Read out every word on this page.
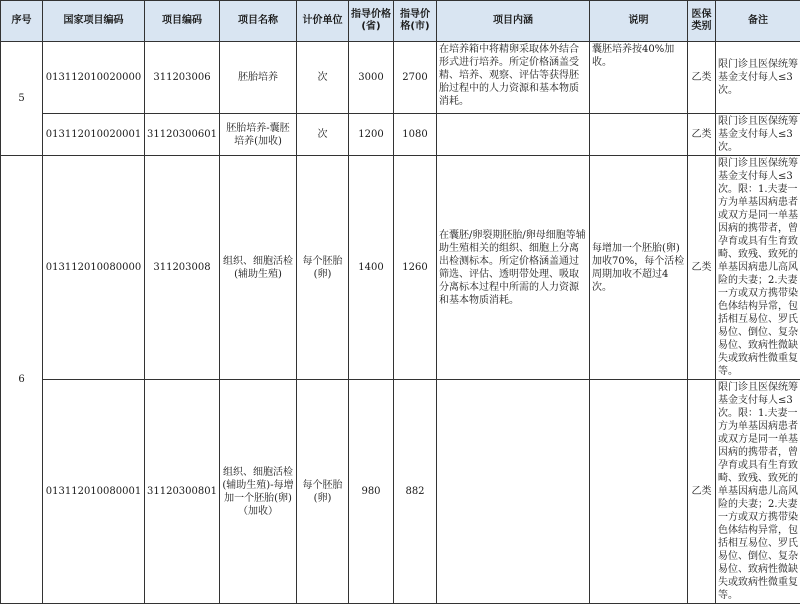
序号	国家项目编码	项目编码	项目名称	计价单位	指导价格(省)	指导价格(市)	项目内涵	说明	医保类别	备注
5	013112010020000	311203006	胚胎培养	次	3000	2700	在培养箱中将精卵采取体外结合形式进行培养。所定价格涵盖受精、培养、观察、评估等获得胚胎过程中的人力资源和基本物质消耗。	囊胚培养按40%加收。	乙类	限门诊且医保统筹基金支付每人≤3次。
	013112010020001	31120300601	胚胎培养-囊胚培养(加收)	次	1200	1080			乙类	限门诊且医保统筹基金支付每人≤3次。
6	013112010080000	311203008	组织、细胞活检 (辅助生殖)	每个胚胎(卵)	1400	1260	在囊胚/卵裂期胚胎/卵母细胞等辅助生殖相关的组织、细胞上分离出检测标本。所定价格涵盖通过筛选、评估、透明带处理、吸取分离标本过程中所需的人力资源和基本物质消耗。	每增加一个胚胎(卵)加收70%，每个活检周期加收不超过4次。	乙类	限门诊且医保统筹基金支付每人≤3次。限：1.夫妻一方为单基因病患者或双方是同一单基因病的携带者，曾孕育或具有生育致畸、致残、致死的单基因病患儿高风险的夫妻；2.夫妻一方或双方携带染色体结构异常，包括相互易位、罗氏易位、倒位、复杂易位、致病性微缺失或致病性微重复等。
	013112010080001	31120300801	组织、细胞活检(辅助生殖)-每增加一个胚胎(卵)（加收）	每个胚胎(卵)	980	882			乙类	限门诊且医保统筹基金支付每人≤3次。限：1.夫妻一方为单基因病患者或双方是同一单基因病的携带者，曾孕育或具有生育致畸、致残、致死的单基因病患儿高风险的夫妻；2.夫妻一方或双方携带染色体结构异常，包括相互易位、罗氏易位、倒位、复杂易位、致病性微缺失或致病性微重复等。
